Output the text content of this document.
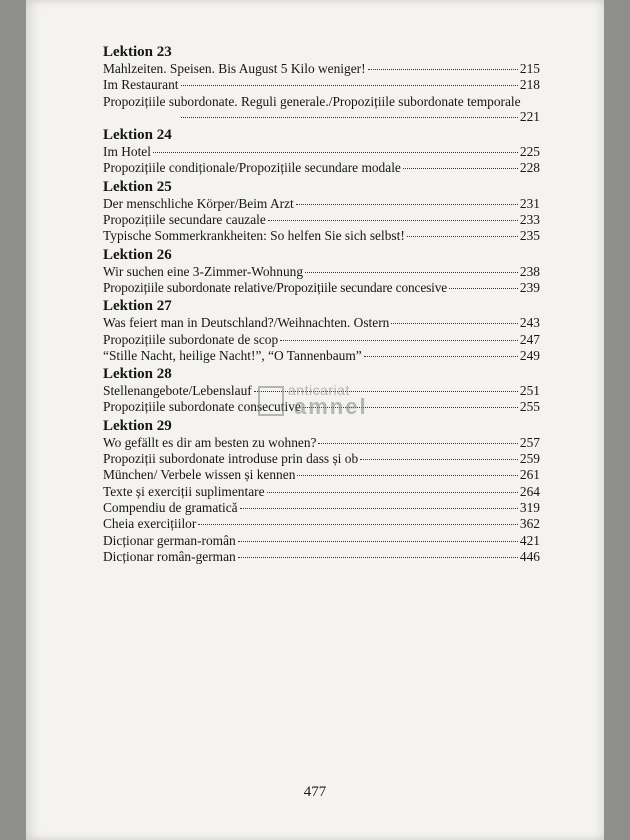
Lektion 23
Mahlzeiten. Speisen. Bis August 5 Kilo weniger!	215
Im Restaurant	218
Propozițiile subordonate. Reguli generale./Propozițiile subordonate temporale
221
Lektion 24
Im Hotel	225
Propozițiile condiționale/Propozițiile secundare modale	228
Lektion 25
Der menschliche Körper/Beim Arzt	231
Propozițiile secundare cauzale	233
Typische Sommerkrankheiten: So helfen Sie sich selbst!	235
Lektion 26
Wir suchen eine 3-Zimmer-Wohnung	238
Propozițiile subordonate relative/Propozițiile secundare concesive	239
Lektion 27
Was feiert man in Deutschland?/Weihnachten. Ostern	243
Propozițiile subordonate de scop	247
“Stille Nacht, heilige Nacht!”, “O Tannenbaum”	249
Lektion 28
Stellenangebote/Lebenslauf	251
Propozițiile subordonate consecutive	255
Lektion 29
Wo gefällt es dir am besten zu wohnen?	257
Propoziții subordonate introduse prin dass și ob	259
München/ Verbele wissen și kennen	261
Texte și exerciții suplimentare	264
Compendiu de gramatică	319
Cheia exercițiilor	362
Dicționar german-român	421
Dicționar român-german	446
anticariat
amnel
477
